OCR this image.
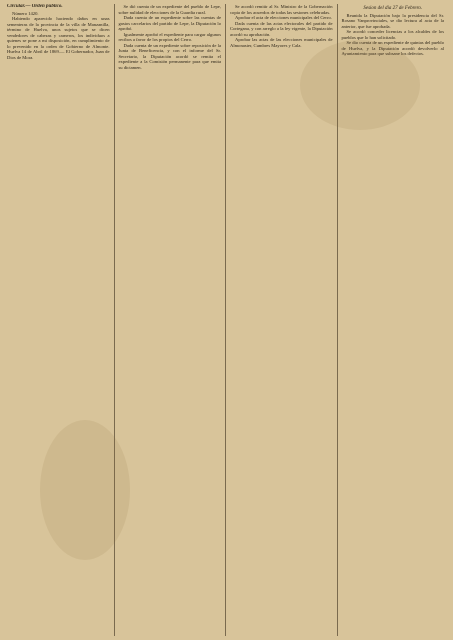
Circular.— Orden público.

Número 1420.

Habiendo aparecido haciendo daños en unas sementeras de la provincia de la villa de Manzanilla, término de Huelva, unos sujetos que se dicen vendedores de cabezas y carneros, los individuos a quienes se pone a mi disposición, en cumplimiento de lo prevenido en la orden de Gobierno de Almonte. Huelva 14 de Abril de 1869.— El Gobernador, Juan de Dios de Mora.

Se dió cuenta de un expediente del pueblo de Lepe, sobre nulidad de elecciones de la Guardia rural.

Dada cuenta de un expediente sobre las cuentas de gastos carcelarios del partido de Lepe, la Diputación lo aprobó.

Igualmente aprobó el expediente para cargar algunos recibos a favor de los propios del Cerro.

Dada cuenta de un expediente sobre reposición de la Junta de Beneficencia, y con el informe del Sr. Secretario, la Diputación acordó se remita el expediente a la Comisión permanente para que emita su dictamen.

Se acordó remitir al Sr. Ministro de la Gobernación copia de los acuerdos de todas las sesiones celebradas.

Aprobar el acta de elecciones municipales del Cerro.

Dada cuenta de las actas electorales del partido de Cortegana, y con arreglo a la ley vigente, la Diputación acordó su aprobación.

Aprobar las actas de las elecciones municipales de Almonaster, Cumbres Mayores y Cala.

Sesion del dia 27 de Febrero.

Reunida la Diputación bajo la presidencia del Sr. Rosano Vanprovinciales, se dio lectura al acta de la anterior, que fue aprobada.

Se acordó conceder licencias a los alcaldes de los pueblos que lo han solicitado.

Se dio cuenta de un expediente de quintas del pueblo de Huelva, y la Diputación acordó devolverlo al Ayuntamiento para que subsane los defectos.
